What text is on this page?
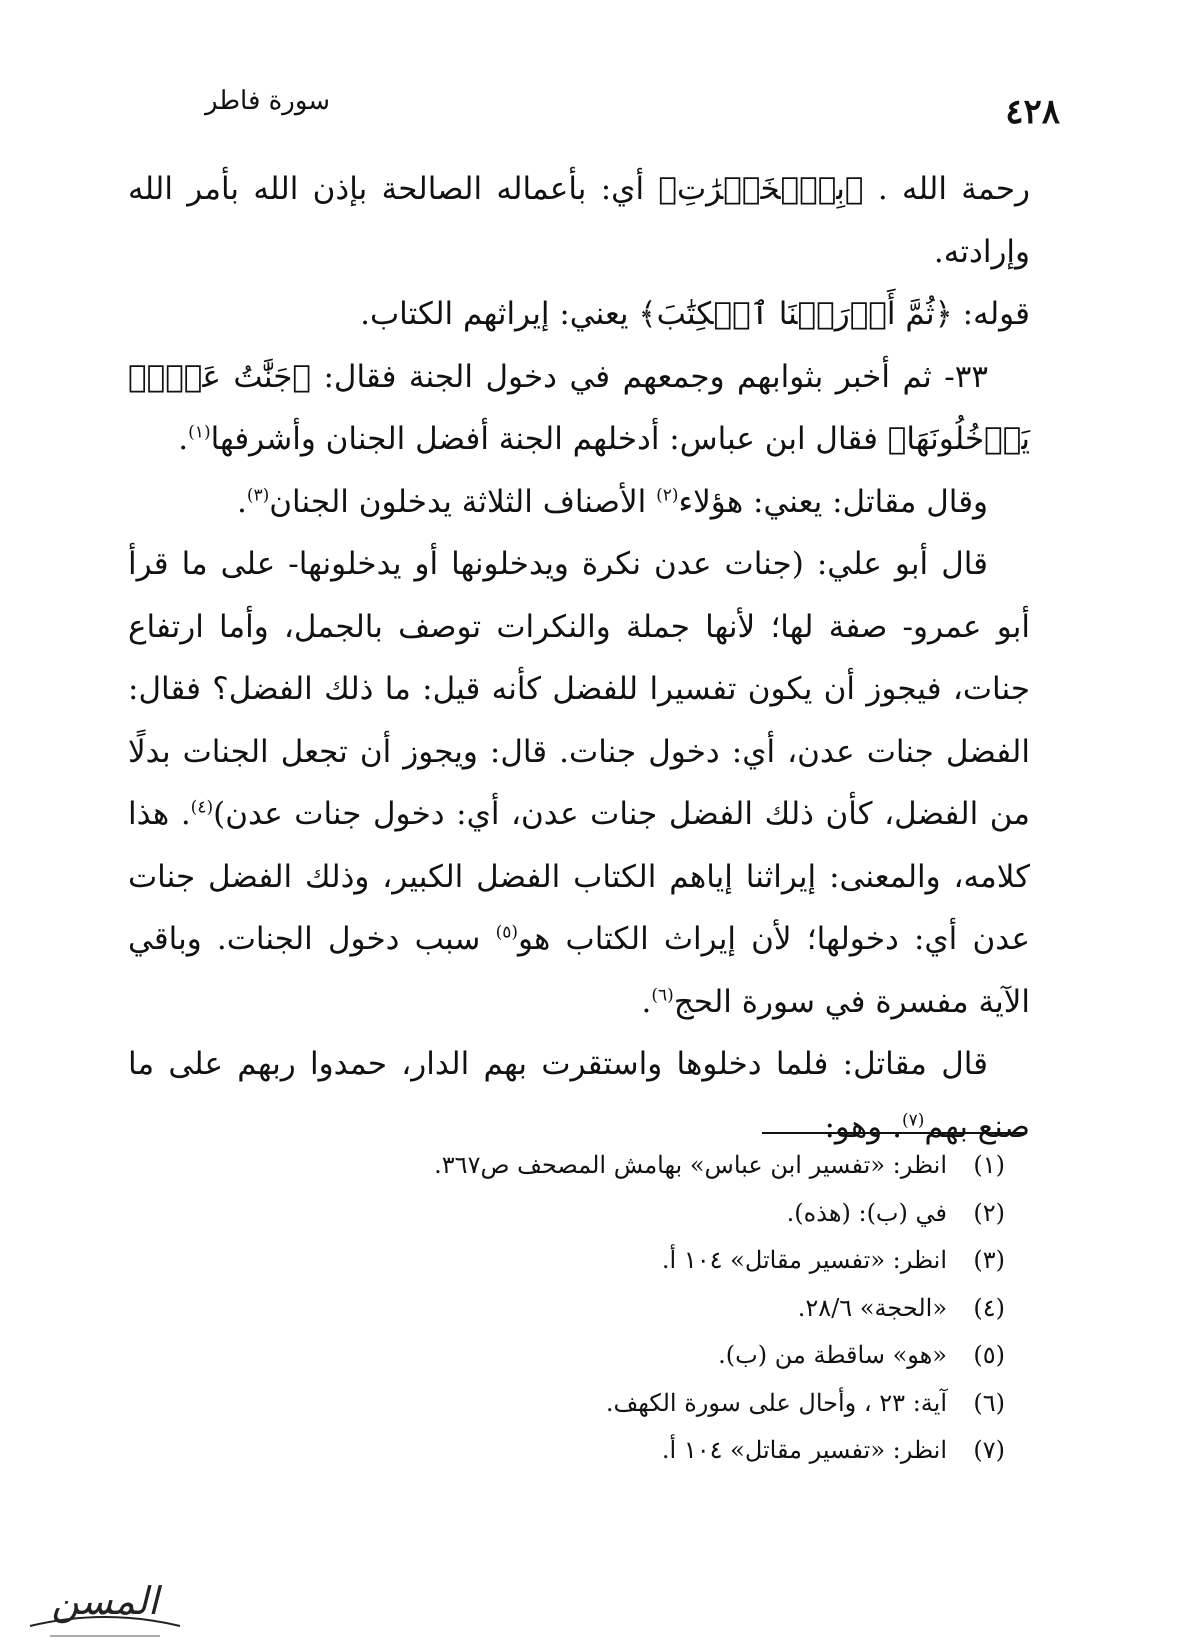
٤٢٨
سورة فاطر

رحمة الله . ﴿بِٱلۡخَيۡرَٰتِ﴾ أي: بأعماله الصالحة بإذن الله بأمر الله وإرادته.

قوله: ﴿ثُمَّ أَوۡرَثۡنَا ٱلۡكِتَٰبَ﴾ يعني: إيراثهم الكتاب.

٣٣- ثم أخبر بثوابهم وجمعهم في دخول الجنة فقال: ﴿جَنَّٰتُ عَدۡنٖ يَدۡخُلُونَهَا﴾ فقال ابن عباس: أدخلهم الجنة أفضل الجنان وأشرفها$^{(١)}$.

وقال مقاتل: يعني: هؤلاء$^{(٢)}$ الأصناف الثلاثة يدخلون الجنان$^{(٣)}$.

قال أبو علي: (جنات عدن نكرة ويدخلونها أو يدخلونها- على ما قرأ أبو عمرو- صفة لها؛ لأنها جملة والنكرات توصف بالجمل، وأما ارتفاع جنات، فيجوز أن يكون تفسيرا للفضل كأنه قيل: ما ذلك الفضل؟ فقال: الفضل جنات عدن، أي: دخول جنات. قال: ويجوز أن تجعل الجنات بدلًا من الفضل، كأن ذلك الفضل جنات عدن، أي: دخول جنات عدن)$^{(٤)}$. هذا كلامه، والمعنى: إيراثنا إياهم الكتاب الفضل الكبير، وذلك الفضل جنات عدن أي: دخولها؛ لأن إيراث الكتاب هو$^{(٥)}$ سبب دخول الجنات. وباقي الآية مفسرة في سورة الحج$^{(٦)}$.

قال مقاتل: فلما دخلوها واستقرت بهم الدار، حمدوا ربهم على ما صنع بهم$^{(٧)}$. وهو:

(١)انظر: «تفسير ابن عباس» بهامش المصحف ص٣٦٧.
(٢)في (ب): (هذه).
(٣)انظر: «تفسير مقاتل» ١٠٤ أ.
(٤)«الحجة» ٢٨/٦.
(٥)«هو» ساقطة من (ب).
(٦)آية: ٢٣ ، وأحال على سورة الكهف.
(٧)انظر: «تفسير مقاتل» ١٠٤ أ.
المسن
